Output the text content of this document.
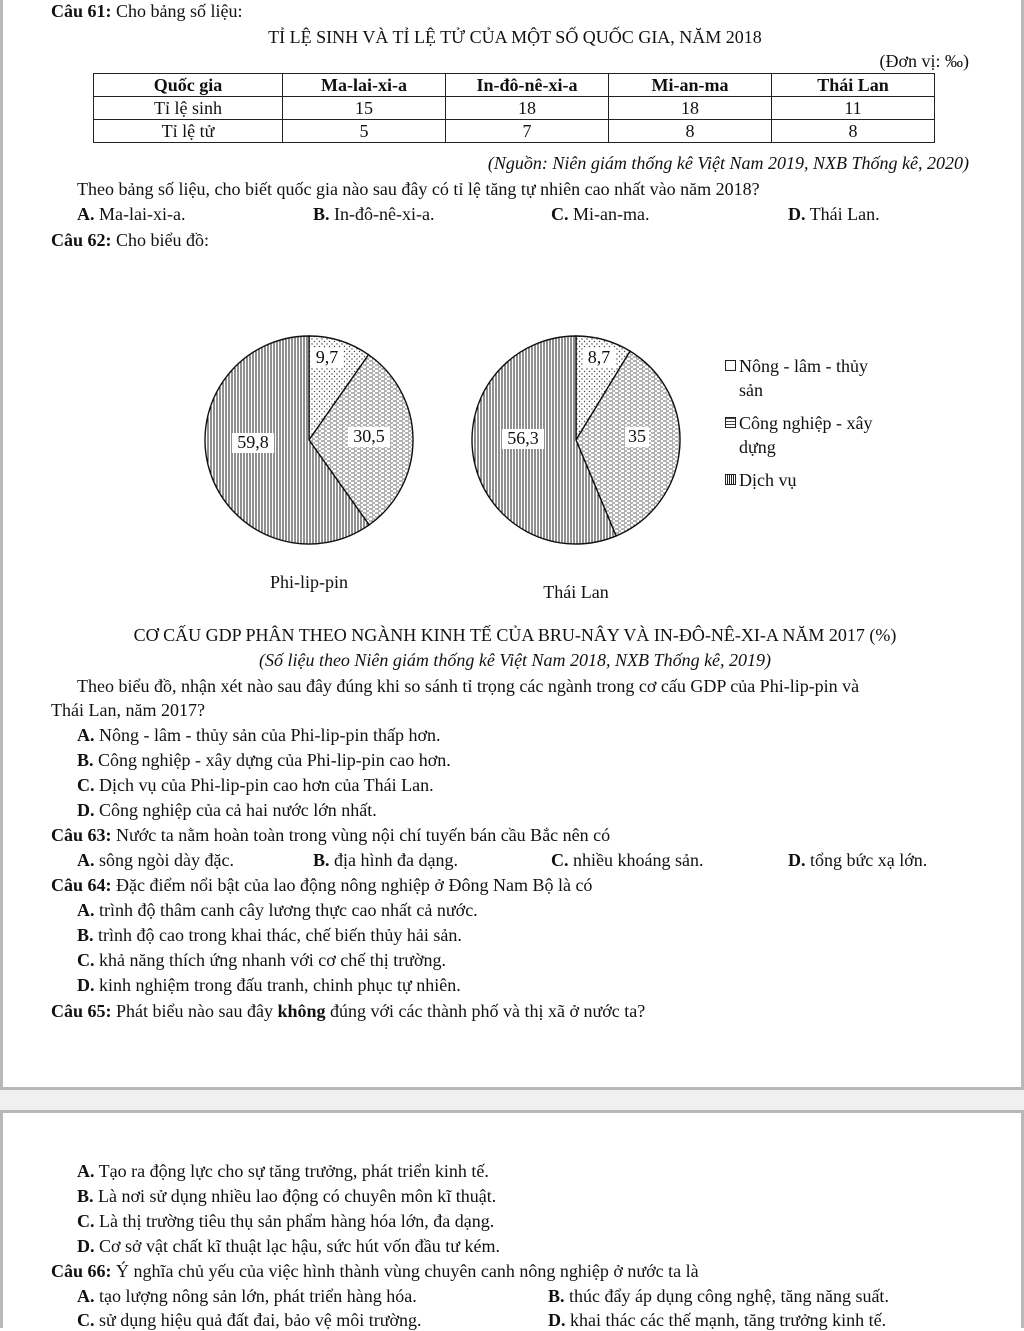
Câu 61: Cho bảng số liệu:
TỈ LỆ SINH VÀ TỈ LỆ TỬ CỦA MỘT SỐ QUỐC GIA, NĂM 2018
(Đơn vị: ‰)
Quốc gia	Ma-lai-xi-a	In-đô-nê-xi-a	Mi-an-ma	Thái Lan
Tỉ lệ sinh	15	18	18	11
Tỉ lệ tử	5	7	8	8
(Nguồn: Niên giám thống kê Việt Nam 2019, NXB Thống kê, 2020)
Theo bảng số liệu, cho biết quốc gia nào sau đây có tỉ lệ tăng tự nhiên cao nhất vào năm 2018?
A. Ma-lai-xi-a.	B. In-đô-nê-xi-a.	C. Mi-an-ma.	D. Thái Lan.
Câu 62: Cho biểu đồ:
9,7
30,5
59,8
Phi-lip-pin
8,7
35
56,3
Thái Lan
Nông - lâm - thủy
sản
Công nghiệp - xây
dựng
Dịch vụ
CƠ CẤU GDP PHÂN THEO NGÀNH KINH TẾ CỦA BRU-NÂY VÀ IN-ĐÔ-NÊ-XI-A NĂM 2017 (%)
(Số liệu theo Niên giám thống kê Việt Nam 2018, NXB Thống kê, 2019)
Theo biểu đồ, nhận xét nào sau đây đúng khi so sánh tỉ trọng các ngành trong cơ cấu GDP của Phi-lip-pin và
Thái Lan, năm 2017?
A. Nông - lâm - thủy sản của Phi-lip-pin thấp hơn.
B. Công nghiệp - xây dựng của Phi-lip-pin cao hơn.
C. Dịch vụ của Phi-lip-pin cao hơn của Thái Lan.
D. Công nghiệp của cả hai nước lớn nhất.
Câu 63: Nước ta nằm hoàn toàn trong vùng nội chí tuyến bán cầu Bắc nên có
A. sông ngòi dày đặc.	B. địa hình đa dạng.	C. nhiều khoáng sản.	D. tổng bức xạ lớn.
Câu 64: Đặc điểm nổi bật của lao động nông nghiệp ở Đông Nam Bộ là có
A. trình độ thâm canh cây lương thực cao nhất cả nước.
B. trình độ cao trong khai thác, chế biến thủy hải sản.
C. khả năng thích ứng nhanh với cơ chế thị trường.
D. kinh nghiệm trong đấu tranh, chinh phục tự nhiên.
Câu 65: Phát biểu nào sau đây không đúng với các thành phố và thị xã ở nước ta?
A. Tạo ra động lực cho sự tăng trưởng, phát triển kinh tế.
B. Là nơi sử dụng nhiều lao động có chuyên môn kĩ thuật.
C. Là thị trường tiêu thụ sản phẩm hàng hóa lớn, đa dạng.
D. Cơ sở vật chất kĩ thuật lạc hậu, sức hút vốn đầu tư kém.
Câu 66: Ý nghĩa chủ yếu của việc hình thành vùng chuyên canh nông nghiệp ở nước ta là
A. tạo lượng nông sản lớn, phát triển hàng hóa.	B. thúc đẩy áp dụng công nghệ, tăng năng suất.
C. sử dụng hiệu quả đất đai, bảo vệ môi trường.	D. khai thác các thế mạnh, tăng trưởng kinh tế.
